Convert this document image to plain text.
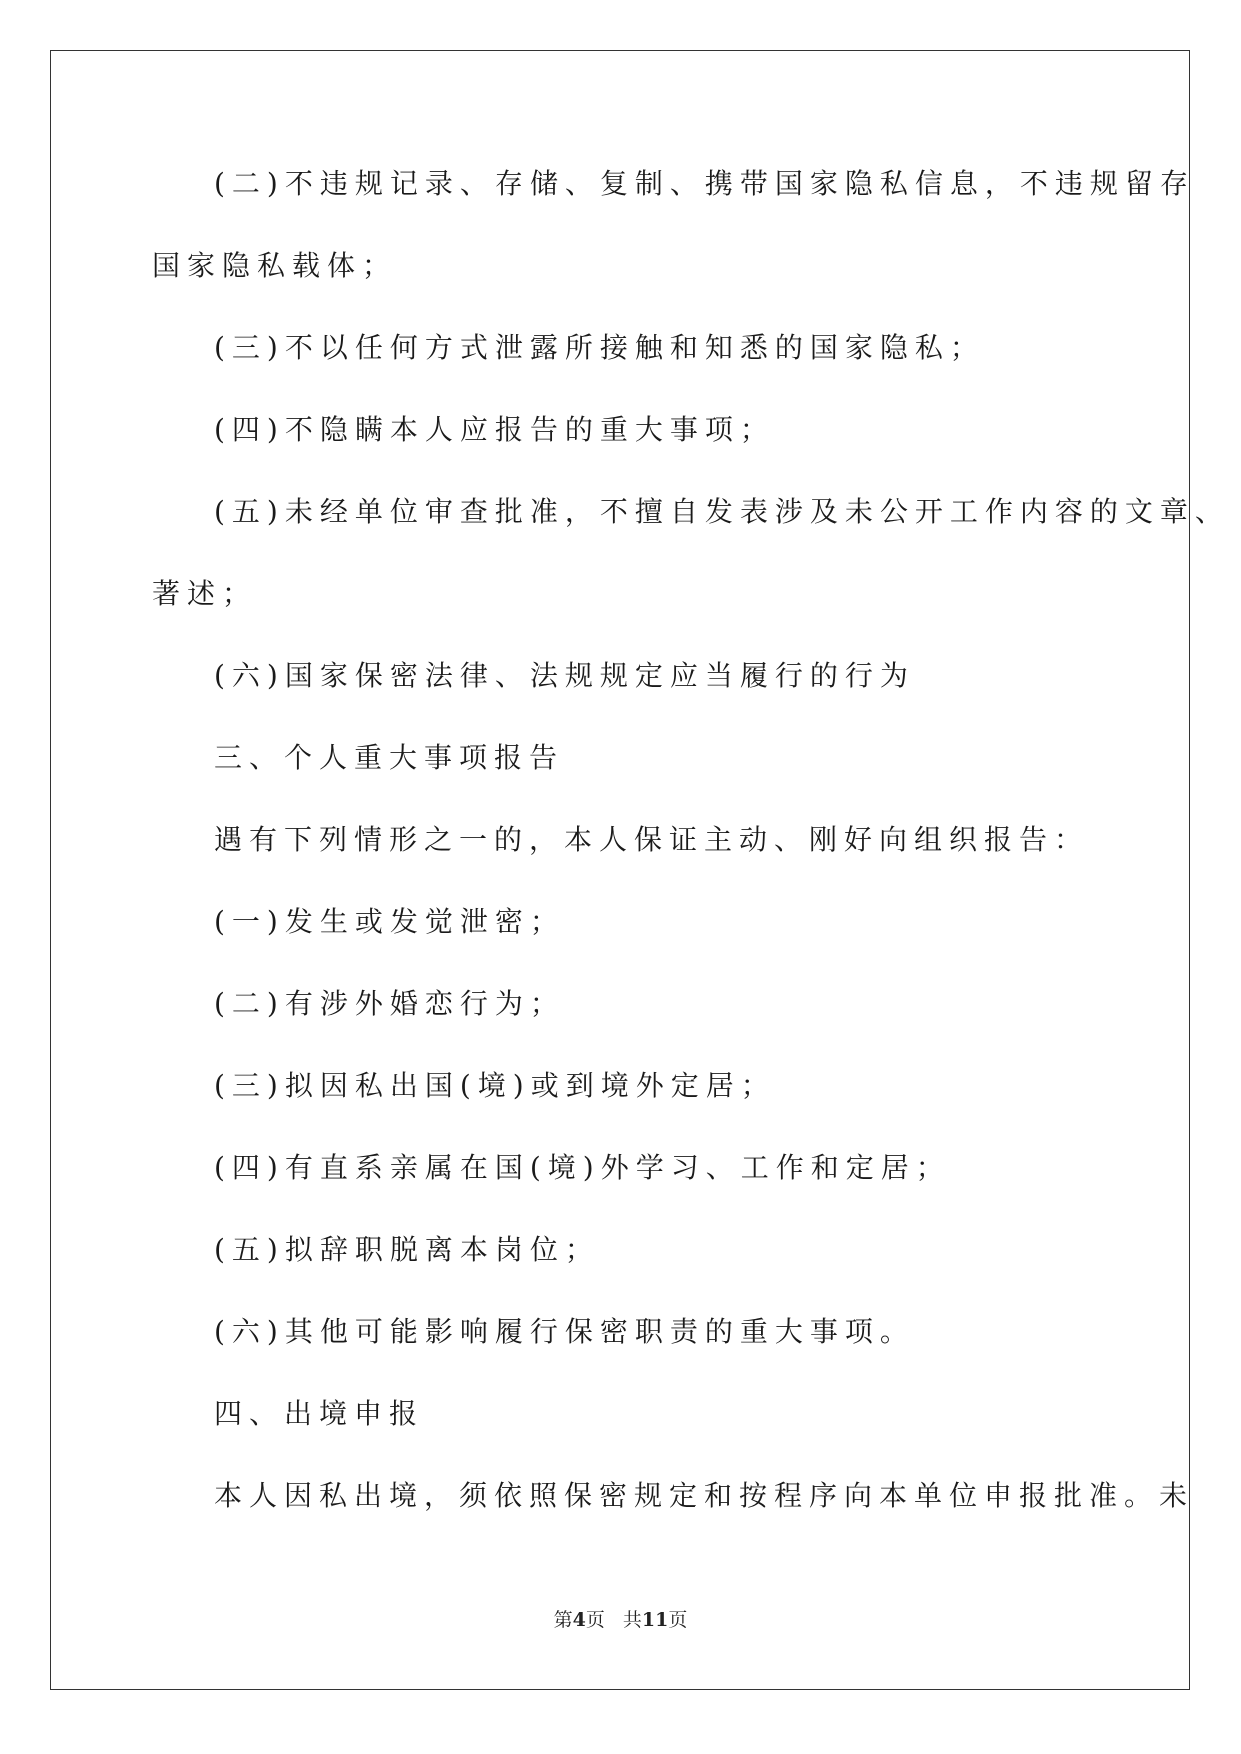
(二)不违规记录、存储、复制、携带国家隐私信息，不违规留存
国家隐私载体；
(三)不以任何方式泄露所接触和知悉的国家隐私；
(四)不隐瞒本人应报告的重大事项；
(五)未经单位审查批准，不擅自发表涉及未公开工作内容的文章、
著述；
(六)国家保密法律、法规规定应当履行的行为
三、个人重大事项报告
遇有下列情形之一的，本人保证主动、刚好向组织报告：
(一)发生或发觉泄密；
(二)有涉外婚恋行为；
(三)拟因私出国(境)或到境外定居；
(四)有直系亲属在国(境)外学习、工作和定居；
(五)拟辞职脱离本岗位；
(六)其他可能影响履行保密职责的重大事项。
四、出境申报
本人因私出境，须依照保密规定和按程序向本单位申报批准。未
第4页 共11页
